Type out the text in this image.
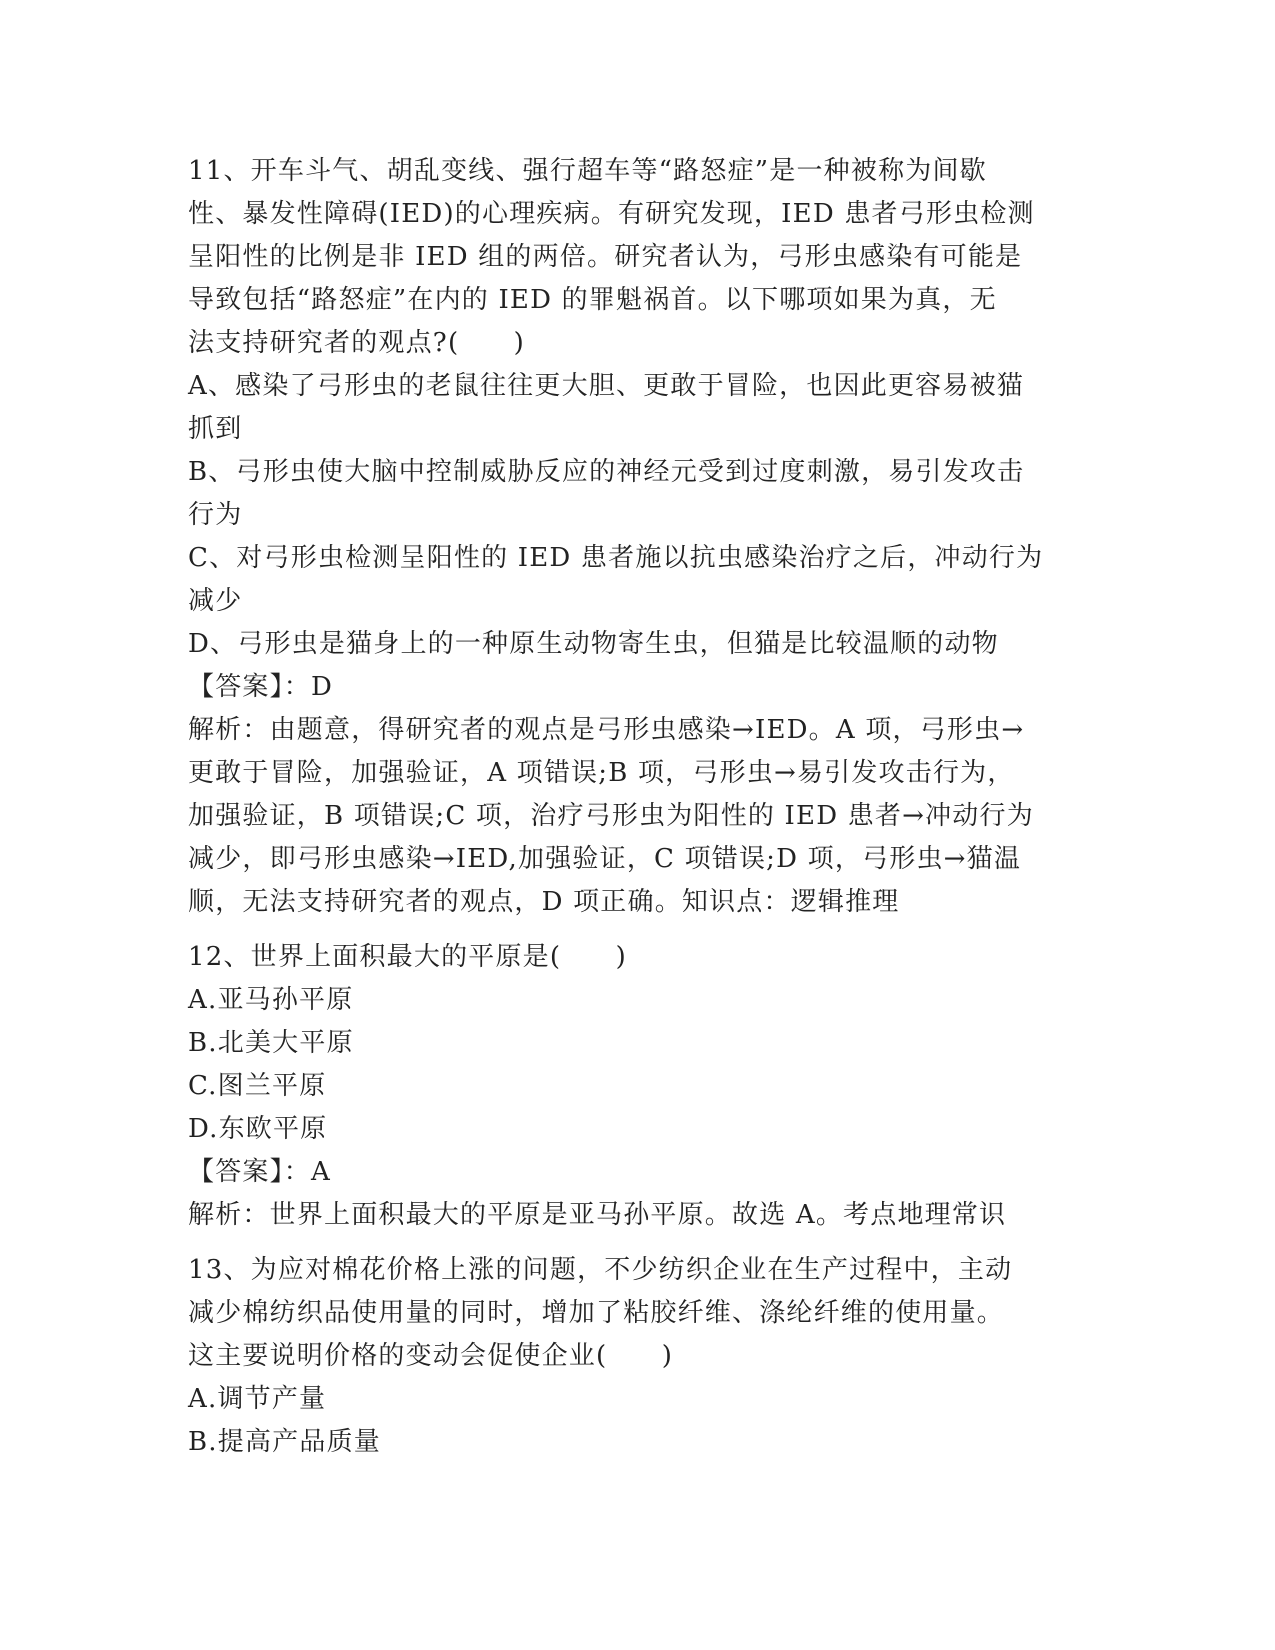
11、开车斗气、胡乱变线、强行超车等“路怒症”是一种被称为间歇
性、暴发性障碍(IED)的心理疾病。有研究发现，IED 患者弓形虫检测
呈阳性的比例是非 IED 组的两倍。研究者认为，弓形虫感染有可能是
导致包括“路怒症”在内的 IED 的罪魁祸首。以下哪项如果为真，无
法支持研究者的观点?(　　)
A、感染了弓形虫的老鼠往往更大胆、更敢于冒险，也因此更容易被猫
抓到
B、弓形虫使大脑中控制威胁反应的神经元受到过度刺激，易引发攻击
行为
C、对弓形虫检测呈阳性的 IED 患者施以抗虫感染治疗之后，冲动行为
减少
D、弓形虫是猫身上的一种原生动物寄生虫，但猫是比较温顺的动物
【答案】：D
解析：由题意，得研究者的观点是弓形虫感染→IED。A 项，弓形虫→
更敢于冒险，加强验证，A 项错误;B 项，弓形虫→易引发攻击行为，
加强验证，B 项错误;C 项，治疗弓形虫为阳性的 IED 患者→冲动行为
减少，即弓形虫感染→IED,加强验证，C 项错误;D 项，弓形虫→猫温
顺，无法支持研究者的观点，D 项正确。知识点：逻辑推理
12、世界上面积最大的平原是(　　)
A.亚马孙平原
B.北美大平原
C.图兰平原
D.东欧平原
【答案】：A
解析：世界上面积最大的平原是亚马孙平原。故选 A。考点地理常识
13、为应对棉花价格上涨的问题，不少纺织企业在生产过程中，主动
减少棉纺织品使用量的同时，增加了粘胶纤维、涤纶纤维的使用量。
这主要说明价格的变动会促使企业(　　)
A.调节产量
B.提高产品质量
